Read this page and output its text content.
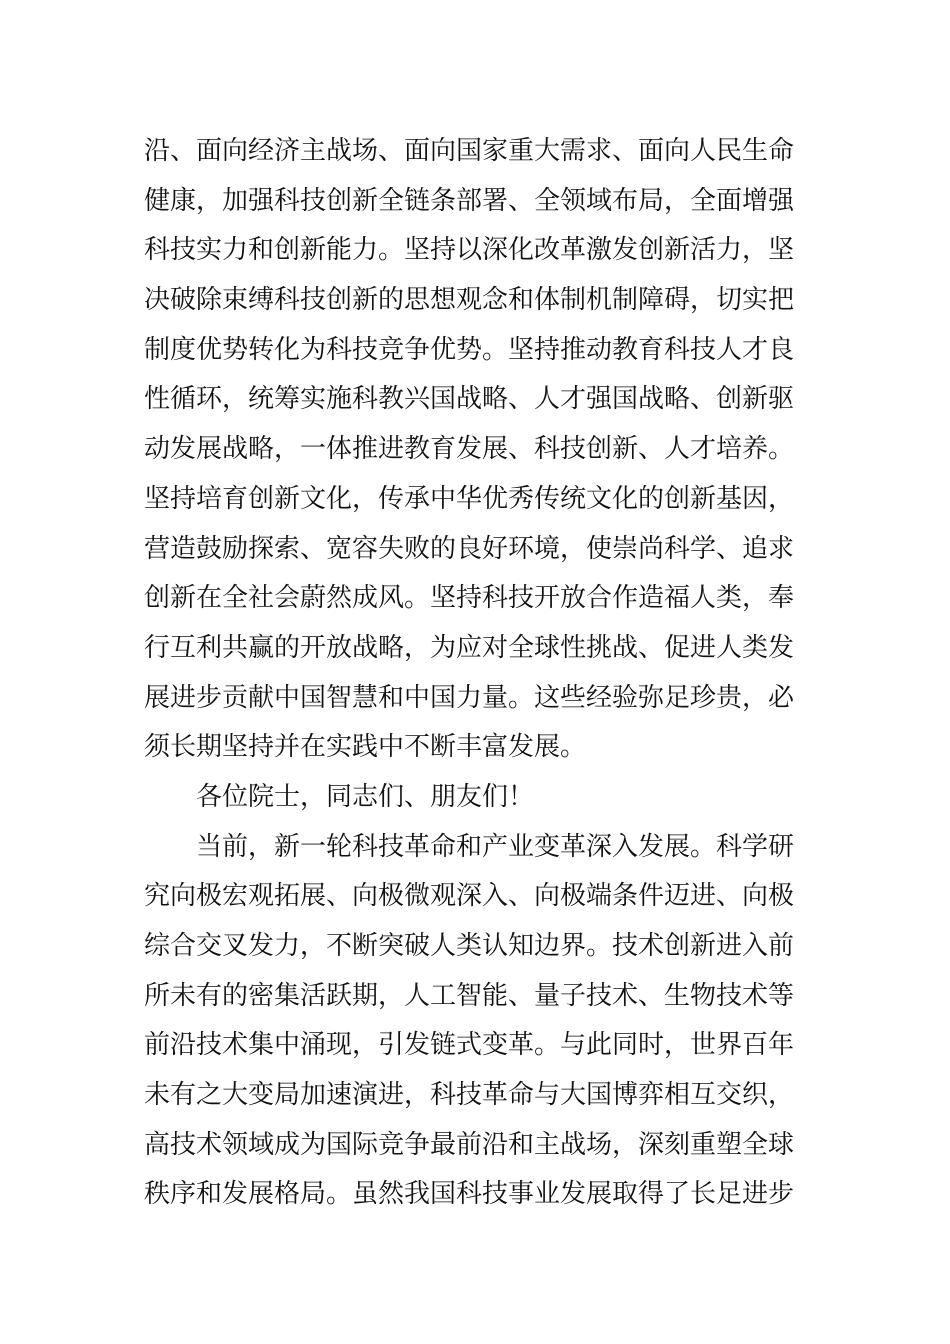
沿、面向经济主战场、面向国家重大需求、面向人民生命
健康，加强科技创新全链条部署、全领域布局，全面增强
科技实力和创新能力。坚持以深化改革激发创新活力，坚
决破除束缚科技创新的思想观念和体制机制障碍，切实把
制度优势转化为科技竞争优势。坚持推动教育科技人才良
性循环，统筹实施科教兴国战略、人才强国战略、创新驱
动发展战略，一体推进教育发展、科技创新、人才培养。
坚持培育创新文化，传承中华优秀传统文化的创新基因，
营造鼓励探索、宽容失败的良好环境，使崇尚科学、追求
创新在全社会蔚然成风。坚持科技开放合作造福人类，奉
行互利共赢的开放战略，为应对全球性挑战、促进人类发
展进步贡献中国智慧和中国力量。这些经验弥足珍贵，必
须长期坚持并在实践中不断丰富发展。
各位院士，同志们、朋友们！
当前，新一轮科技革命和产业变革深入发展。科学研
究向极宏观拓展、向极微观深入、向极端条件迈进、向极
综合交叉发力，不断突破人类认知边界。技术创新进入前
所未有的密集活跃期，人工智能、量子技术、生物技术等
前沿技术集中涌现，引发链式变革。与此同时，世界百年
未有之大变局加速演进，科技革命与大国博弈相互交织，
高技术领域成为国际竞争最前沿和主战场，深刻重塑全球
秩序和发展格局。虽然我国科技事业发展取得了长足进步
